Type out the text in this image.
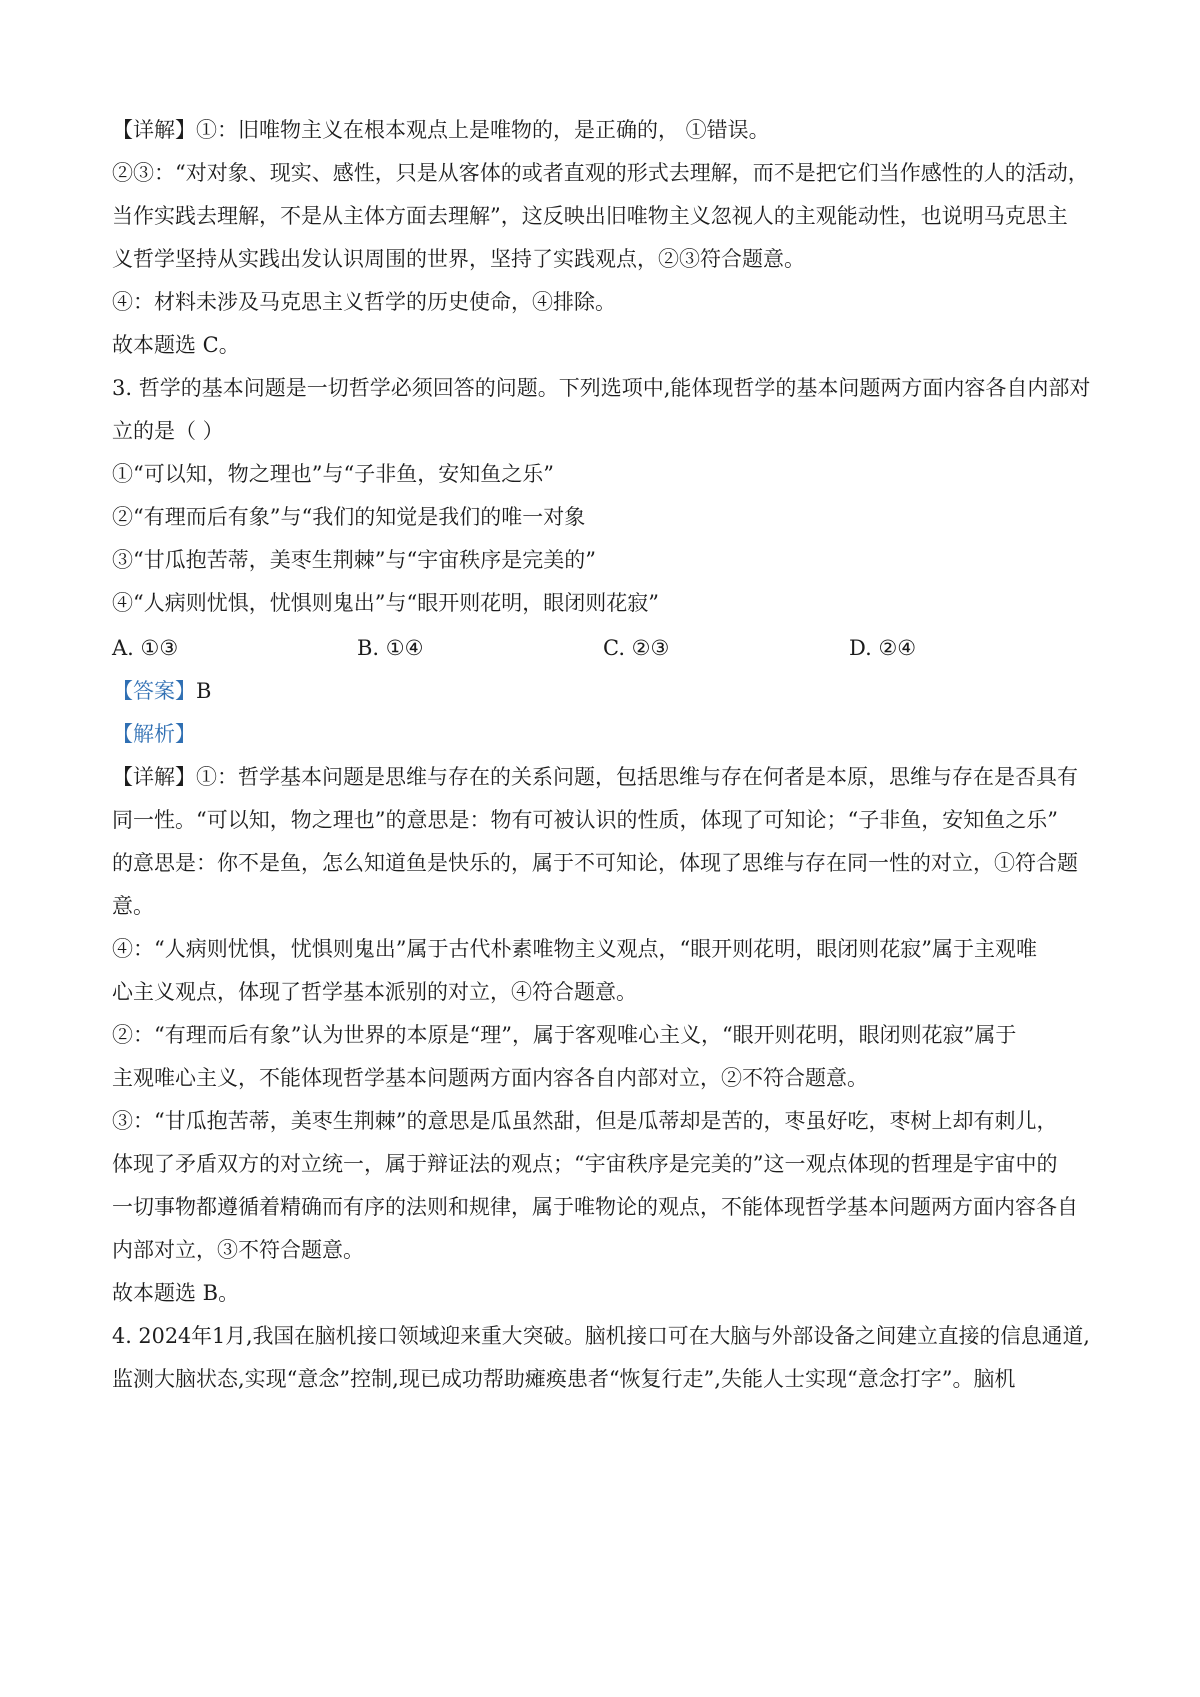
【详解】①：旧唯物主义在根本观点上是唯物的，是正确的， ①错误。
②③：“对对象、现实、感性，只是从客体的或者直观的形式去理解，而不是把它们当作感性的人的活动，
当作实践去理解，不是从主体方面去理解”，这反映出旧唯物主义忽视人的主观能动性，也说明马克思主
义哲学坚持从实践出发认识周围的世界，坚持了实践观点，②③符合题意。
④：材料未涉及马克思主义哲学的历史使命，④排除。
故本题选 C。
3. 哲学的基本问题是一切哲学必须回答的问题。下列选项中,能体现哲学的基本问题两方面内容各自内部对
立的是（ ）
①“可以知，物之理也”与“子非鱼，安知鱼之乐”
②“有理而后有象”与“我们的知觉是我们的唯一对象
③“甘瓜抱苦蒂，美枣生荆棘”与“宇宙秩序是完美的”
④“人病则忧惧，忧惧则鬼出”与“眼开则花明，眼闭则花寂”
A. ①③	B. ①④	C. ②③	D. ②④
【答案】B
【解析】
【详解】①：哲学基本问题是思维与存在的关系问题，包括思维与存在何者是本原，思维与存在是否具有
同一性。“可以知，物之理也”的意思是：物有可被认识的性质，体现了可知论；“子非鱼，安知鱼之乐”
的意思是：你不是鱼，怎么知道鱼是快乐的，属于不可知论，体现了思维与存在同一性的对立，①符合题
意。
④：“人病则忧惧，忧惧则鬼出”属于古代朴素唯物主义观点，“眼开则花明，眼闭则花寂”属于主观唯
心主义观点，体现了哲学基本派别的对立，④符合题意。
②：“有理而后有象”认为世界的本原是“理”，属于客观唯心主义，“眼开则花明，眼闭则花寂”属于
主观唯心主义，不能体现哲学基本问题两方面内容各自内部对立，②不符合题意。
③：“甘瓜抱苦蒂，美枣生荆棘”的意思是瓜虽然甜，但是瓜蒂却是苦的，枣虽好吃，枣树上却有刺儿，
体现了矛盾双方的对立统一，属于辩证法的观点；“宇宙秩序是完美的”这一观点体现的哲理是宇宙中的
一切事物都遵循着精确而有序的法则和规律，属于唯物论的观点，不能体现哲学基本问题两方面内容各自
内部对立，③不符合题意。
故本题选 B。
4. 2024年1月,我国在脑机接口领域迎来重大突破。脑机接口可在大脑与外部设备之间建立直接的信息通道,
监测大脑状态,实现“意念”控制,现已成功帮助瘫痪患者“恢复行走”,失能人士实现“意念打字”。脑机
